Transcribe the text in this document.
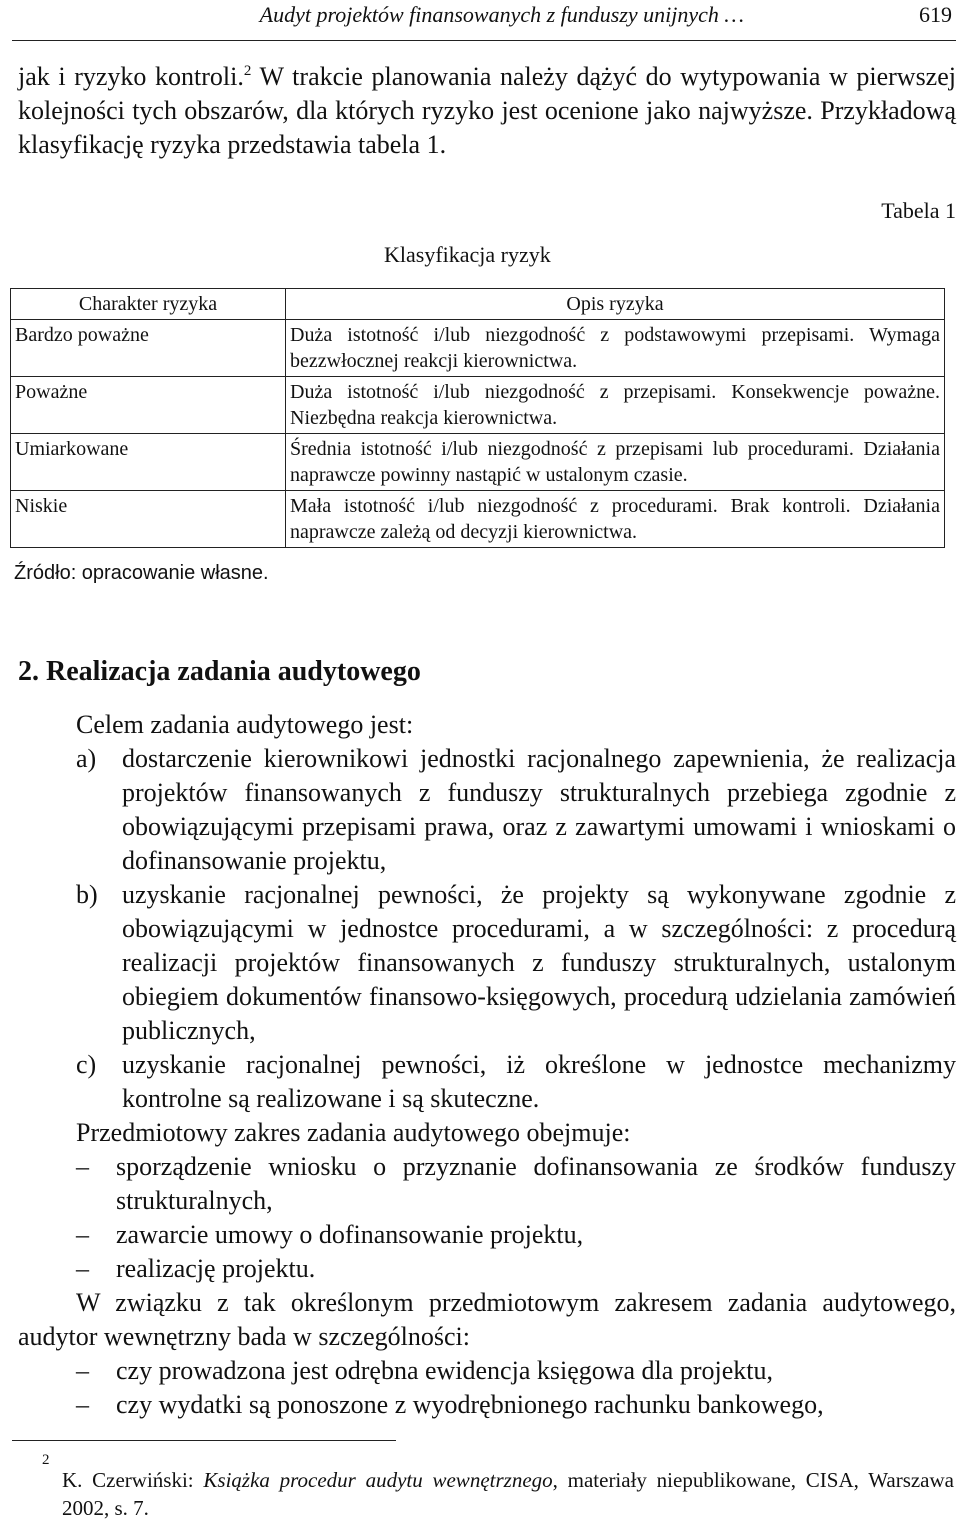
Audyt projektów finansowanych z funduszy unijnych …	619

jak i ryzyko kontroli.$^2$ W trakcie planowania należy dążyć do wytypowania w pierwszej kolejności tych obszarów, dla których ryzyko jest ocenione jako najwyższe. Przykładową klasyfikację ryzyka przedstawia tabela 1.

Tabela 1
Klasyfikacja ryzyk
Charakter ryzyka	Opis ryzyka
Bardzo poważne	Duża istotność i/lub niezgodność z podstawowymi przepisami. Wymaga bezzwłocznej reakcji kierownictwa.
Poważne	Duża istotność i/lub niezgodność z przepisami. Konsekwencje poważne. Niezbędna reakcja kierownictwa.
Umiarkowane	Średnia istotność i/lub niezgodność z przepisami lub procedurami. Działania naprawcze powinny nastąpić w ustalonym czasie.
Niskie	Mała istotność i/lub niezgodność z procedurami. Brak kontroli. Działania naprawcze zależą od decyzji kierownictwa.
Źródło: opracowanie własne.
2. Realizacja zadania audytowego
Celem zadania audytowego jest:
a) dostarczenie kierownikowi jednostki racjonalnego zapewnienia, że realizacja projektów finansowanych z funduszy strukturalnych przebiega zgodnie z obowiązującymi przepisami prawa, oraz z zawartymi umowami i wnioskami o dofinansowanie projektu,
b) uzyskanie racjonalnej pewności, że projekty są wykonywane zgodnie z obowiązującymi w jednostce procedurami, a w szczególności: z procedurą realizacji projektów finansowanych z funduszy strukturalnych, ustalonym obiegiem dokumentów finansowo-księgowych, procedurą udzielania zamówień publicznych,
c) uzyskanie racjonalnej pewności, iż określone w jednostce mechanizmy kontrolne są realizowane i są skuteczne.
Przedmiotowy zakres zadania audytowego obejmuje:
– sporządzenie wniosku o przyznanie dofinansowania ze środków funduszy strukturalnych,
– zawarcie umowy o dofinansowanie projektu,
– realizację projektu.
W związku z tak określonym przedmiotowym zakresem zadania audytowego, audytor wewnętrzny bada w szczególności:
– czy prowadzona jest odrębna ewidencja księgowa dla projektu,
– czy wydatki są ponoszone z wyodrębnionego rachunku bankowego,
2
K. Czerwiński: Książka procedur audytu wewnętrznego, materiały niepublikowane, CISA, Warszawa 2002, s. 7.
